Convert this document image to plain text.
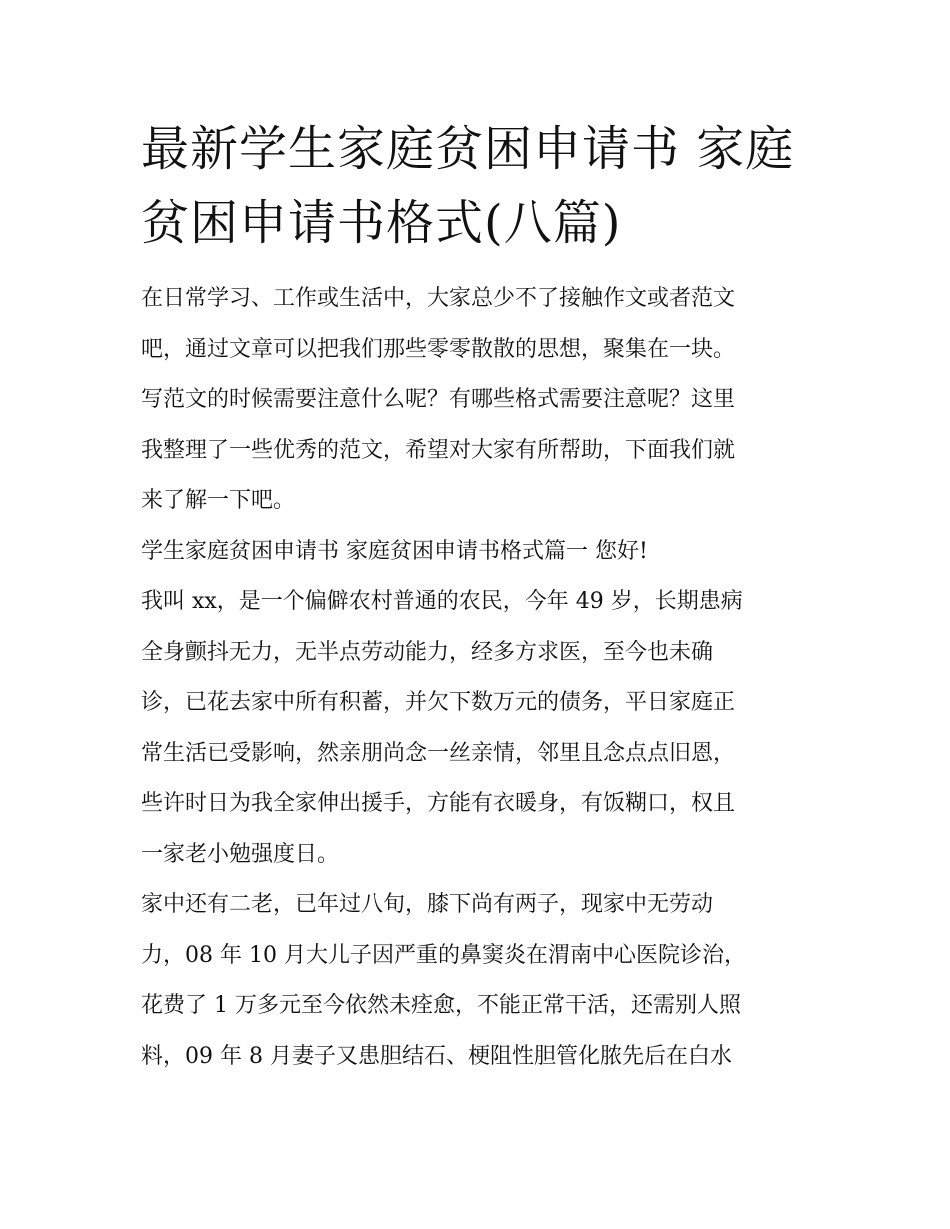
最新学生家庭贫困申请书 家庭
贫困申请书格式(八篇)

在日常学习、工作或生活中，大家总少不了接触作文或者范文
吧，通过文章可以把我们那些零零散散的思想，聚集在一块。
写范文的时候需要注意什么呢？有哪些格式需要注意呢？这里
我整理了一些优秀的范文，希望对大家有所帮助，下面我们就
来了解一下吧。

学生家庭贫困申请书 家庭贫困申请书格式篇一 您好!

我叫 xx，是一个偏僻农村普通的农民，今年 49 岁，长期患病
全身颤抖无力，无半点劳动能力，经多方求医，至今也未确
诊，已花去家中所有积蓄，并欠下数万元的债务，平日家庭正
常生活已受影响，然亲朋尚念一丝亲情，邻里且念点点旧恩，
些许时日为我全家伸出援手，方能有衣暖身，有饭糊口，权且
一家老小勉强度日。

家中还有二老，已年过八旬，膝下尚有两子，现家中无劳动
力，08 年 10 月大儿子因严重的鼻窦炎在渭南中心医院诊治，
花费了 1 万多元至今依然未痊愈，不能正常干活，还需别人照
料，09 年 8 月妻子又患胆结石、梗阻性胆管化脓先后在白水
